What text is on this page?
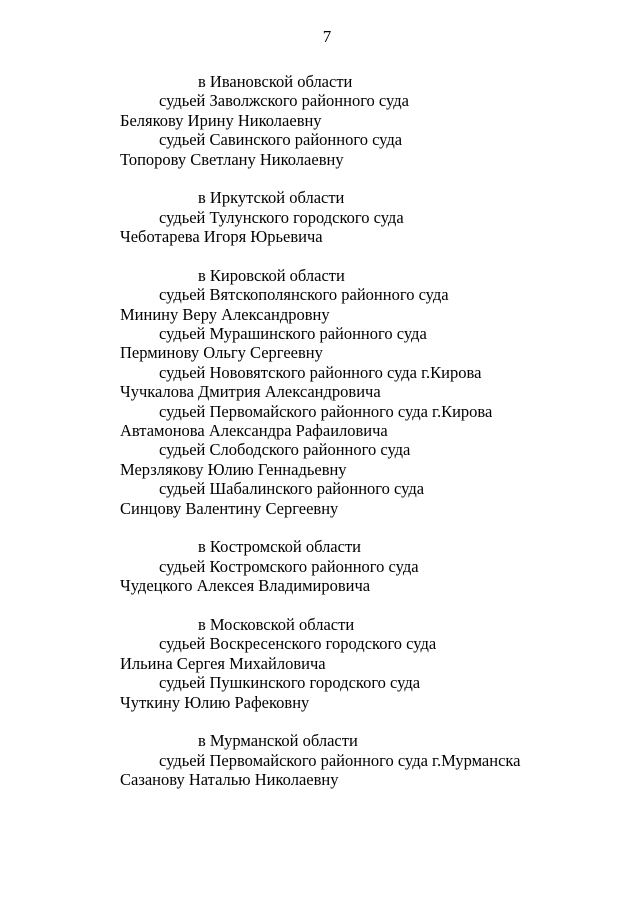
7
в Ивановской области
судьей Заволжского районного суда
Белякову Ирину Николаевну
судьей Савинского районного суда
Топорову Светлану Николаевну
в Иркутской области
судьей Тулунского городского суда
Чеботарева Игоря Юрьевича
в Кировской области
судьей Вятскополянского районного суда
Минину Веру Александровну
судьей Мурашинского районного суда
Перминову Ольгу Сергеевну
судьей Нововятского районного суда г.Кирова
Чучкалова Дмитрия Александровича
судьей Первомайского районного суда г.Кирова
Автамонова Александра Рафаиловича
судьей Слободского районного суда
Мерзлякову Юлию Геннадьевну
судьей Шабалинского районного суда
Синцову Валентину Сергеевну
в Костромской области
судьей Костромского районного суда
Чудецкого Алексея Владимировича
в Московской области
судьей Воскресенского городского суда
Ильина Сергея Михайловича
судьей Пушкинского городского суда
Чуткину Юлию Рафековну
в Мурманской области
судьей Первомайского районного суда г.Мурманска
Сазанову Наталью Николаевну
